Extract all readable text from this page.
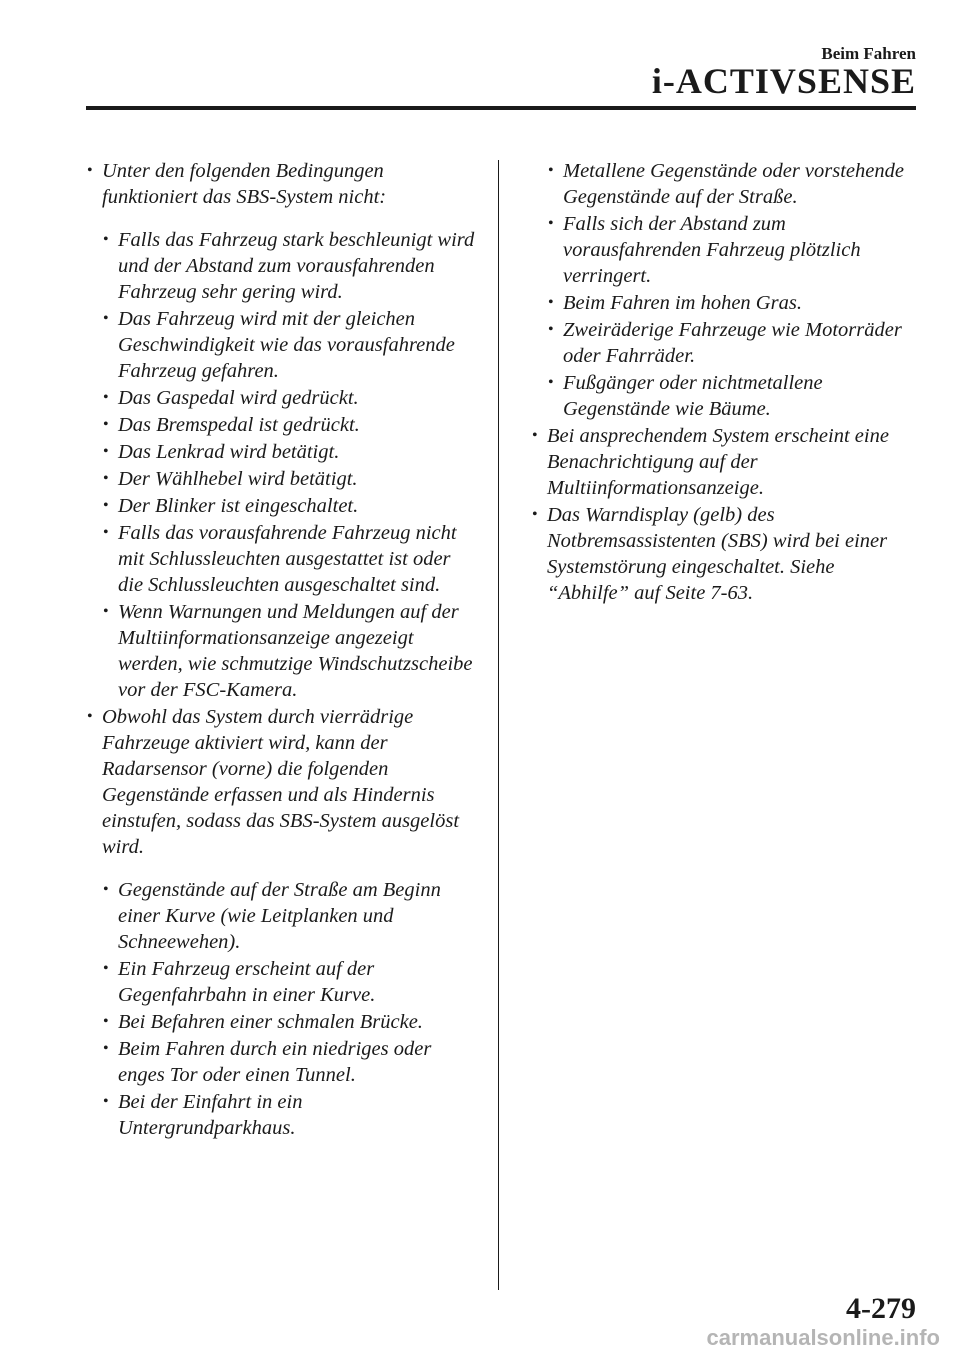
Beim Fahren
i-ACTIVSENSE
• Unter den folgenden Bedingungen funktioniert das SBS-System nicht:
• Falls das Fahrzeug stark beschleunigt wird und der Abstand zum vorausfahrenden Fahrzeug sehr gering wird.
• Das Fahrzeug wird mit der gleichen Geschwindigkeit wie das vorausfahrende Fahrzeug gefahren.
• Das Gaspedal wird gedrückt.
• Das Bremspedal ist gedrückt.
• Das Lenkrad wird betätigt.
• Der Wählhebel wird betätigt.
• Der Blinker ist eingeschaltet.
• Falls das vorausfahrende Fahrzeug nicht mit Schlussleuchten ausgestattet ist oder die Schlussleuchten ausgeschaltet sind.
• Wenn Warnungen und Meldungen auf der Multiinformationsanzeige angezeigt werden, wie schmutzige Windschutzscheibe vor der FSC-Kamera.
• Obwohl das System durch vierrädrige Fahrzeuge aktiviert wird, kann der Radarsensor (vorne) die folgenden Gegenstände erfassen und als Hindernis einstufen, sodass das SBS-System ausgelöst wird.
• Gegenstände auf der Straße am Beginn einer Kurve (wie Leitplanken und Schneewehen).
• Ein Fahrzeug erscheint auf der Gegenfahrbahn in einer Kurve.
• Bei Befahren einer schmalen Brücke.
• Beim Fahren durch ein niedriges oder enges Tor oder einen Tunnel.
• Bei der Einfahrt in ein Untergrundparkhaus.
• Metallene Gegenstände oder vorstehende Gegenstände auf der Straße.
• Falls sich der Abstand zum vorausfahrenden Fahrzeug plötzlich verringert.
• Beim Fahren im hohen Gras.
• Zweiräderige Fahrzeuge wie Motorräder oder Fahrräder.
• Fußgänger oder nichtmetallene Gegenstände wie Bäume.
• Bei ansprechendem System erscheint eine Benachrichtigung auf der Multiinformationsanzeige.
• Das Warndisplay (gelb) des Notbremsassistenten (SBS) wird bei einer Systemstörung eingeschaltet. Siehe “Abhilfe” auf Seite 7-63.
4-279
carmanualsonline.info
